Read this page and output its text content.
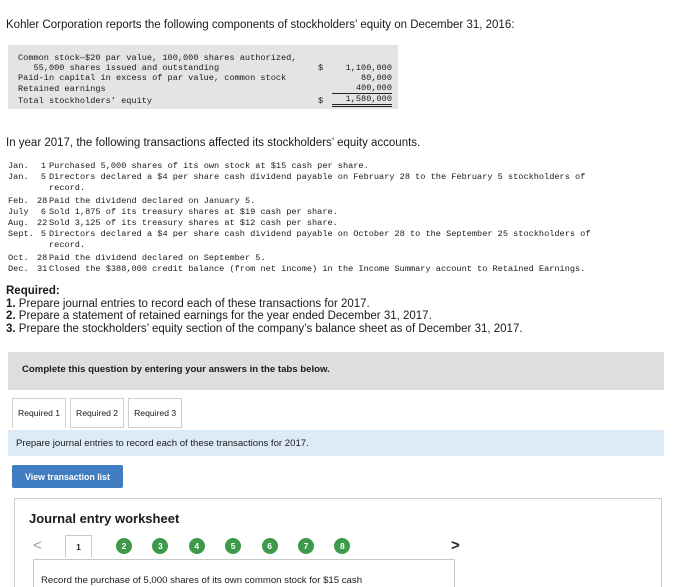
Kohler Corporation reports the following components of stockholders’ equity on December 31, 2016:
Common stock—$20 par value, 100,000 shares authorized,		
55,000 shares issued and outstanding	$	1,100,000
Paid-in capital in excess of par value, common stock		80,000
Retained earnings		400,000
Total stockholders’ equity	$	1,580,000
In year 2017, the following transactions affected its stockholders’ equity accounts.
Jan.	1 Purchased 5,000 shares of its own stock at $15 cash per share.
Jan.	5 Directors declared a $4 per share cash dividend payable on February 28 to the February 5 stockholders of
record.
Feb. 28 Paid the dividend declared on January 5.
July	6 Sold 1,875 of its treasury shares at $19 cash per share.
Aug. 22 Sold 3,125 of its treasury shares at $12 cash per share.
Sept. 5 Directors declared a $4 per share cash dividend payable on October 28 to the September 25 stockholders of
record.
Oct. 28 Paid the dividend declared on September 5.
Dec. 31 Closed the $388,000 credit balance (from net income) in the Income Summary account to Retained Earnings.
Required:
1. Prepare journal entries to record each of these transactions for 2017.
2. Prepare a statement of retained earnings for the year ended December 31, 2017.
3. Prepare the stockholders’ equity section of the company’s balance sheet as of December 31, 2017.
Complete this question by entering your answers in the tabs below.
Required 1	Required 2	Required 3
Prepare journal entries to record each of these transactions for 2017.
View transaction list
Journal entry worksheet
<	1	2	3	4	5	6	7	8	>
Record the purchase of 5,000 shares of its own common stock for $15 cash
